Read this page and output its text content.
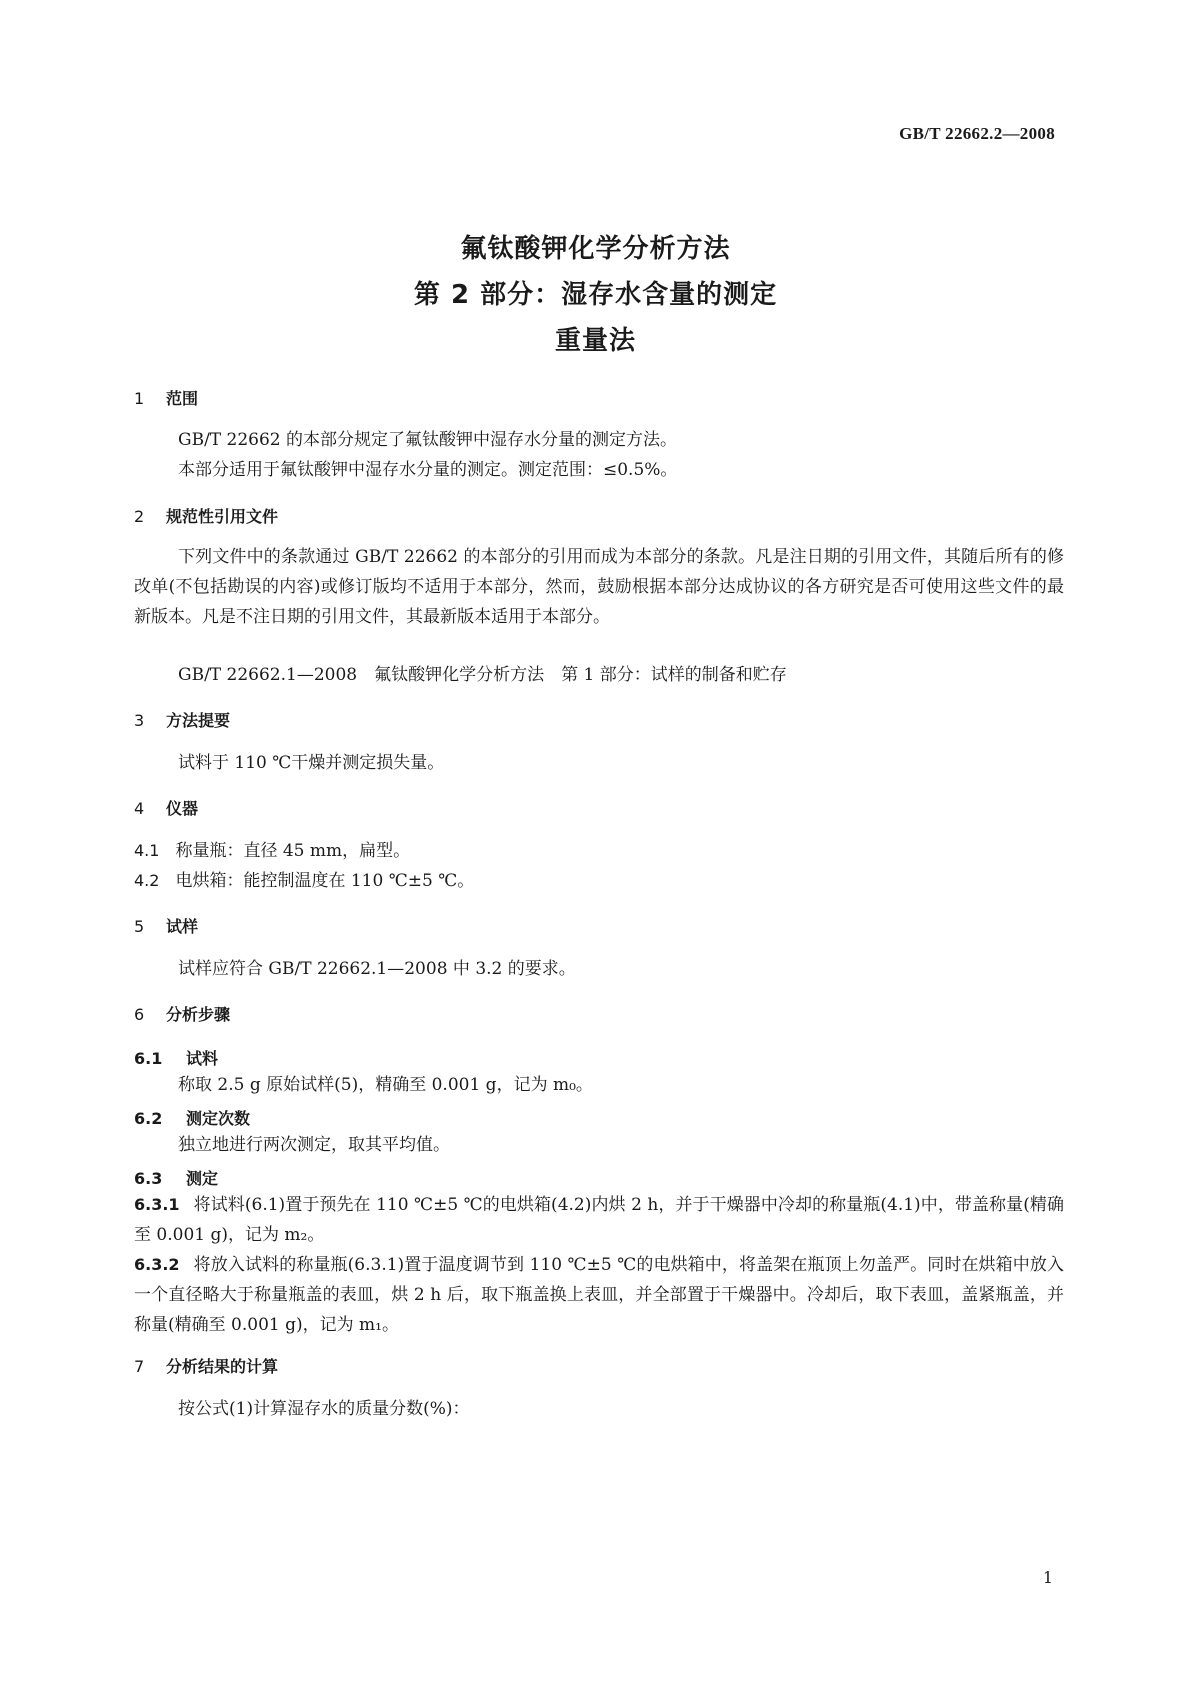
GB/T 22662.2—2008
氟钛酸钾化学分析方法
第 2 部分：湿存水含量的测定
重量法
1 范围
GB/T 22662 的本部分规定了氟钛酸钾中湿存水分量的测定方法。
本部分适用于氟钛酸钾中湿存水分量的测定。测定范围：≤0.5%。
2 规范性引用文件
下列文件中的条款通过 GB/T 22662 的本部分的引用而成为本部分的条款。凡是注日期的引用文件，其随后所有的修改单(不包括勘误的内容)或修订版均不适用于本部分，然而，鼓励根据本部分达成协议的各方研究是否可使用这些文件的最新版本。凡是不注日期的引用文件，其最新版本适用于本部分。
GB/T 22662.1—2008　氟钛酸钾化学分析方法　第 1 部分：试样的制备和贮存
3 方法提要
试料于 110 ℃干燥并测定损失量。
4 仪器
4.1 称量瓶：直径 45 mm，扁型。
4.2 电烘箱：能控制温度在 110 ℃±5 ℃。
5 试样
试样应符合 GB/T 22662.1—2008 中 3.2 的要求。
6 分析步骤
6.1 试料
称取 2.5 g 原始试样(5)，精确至 0.001 g，记为 m₀。
6.2 测定次数
独立地进行两次测定，取其平均值。
6.3 测定
6.3.1 将试料(6.1)置于预先在 110 ℃±5 ℃的电烘箱(4.2)内烘 2 h，并于干燥器中冷却的称量瓶(4.1)中，带盖称量(精确至 0.001 g)，记为 m₂。
6.3.2 将放入试料的称量瓶(6.3.1)置于温度调节到 110 ℃±5 ℃的电烘箱中，将盖架在瓶顶上勿盖严。同时在烘箱中放入一个直径略大于称量瓶盖的表皿，烘 2 h 后，取下瓶盖换上表皿，并全部置于干燥器中。冷却后，取下表皿，盖紧瓶盖，并称量(精确至 0.001 g)，记为 m₁。
7 分析结果的计算
按公式(1)计算湿存水的质量分数(%)：
1
